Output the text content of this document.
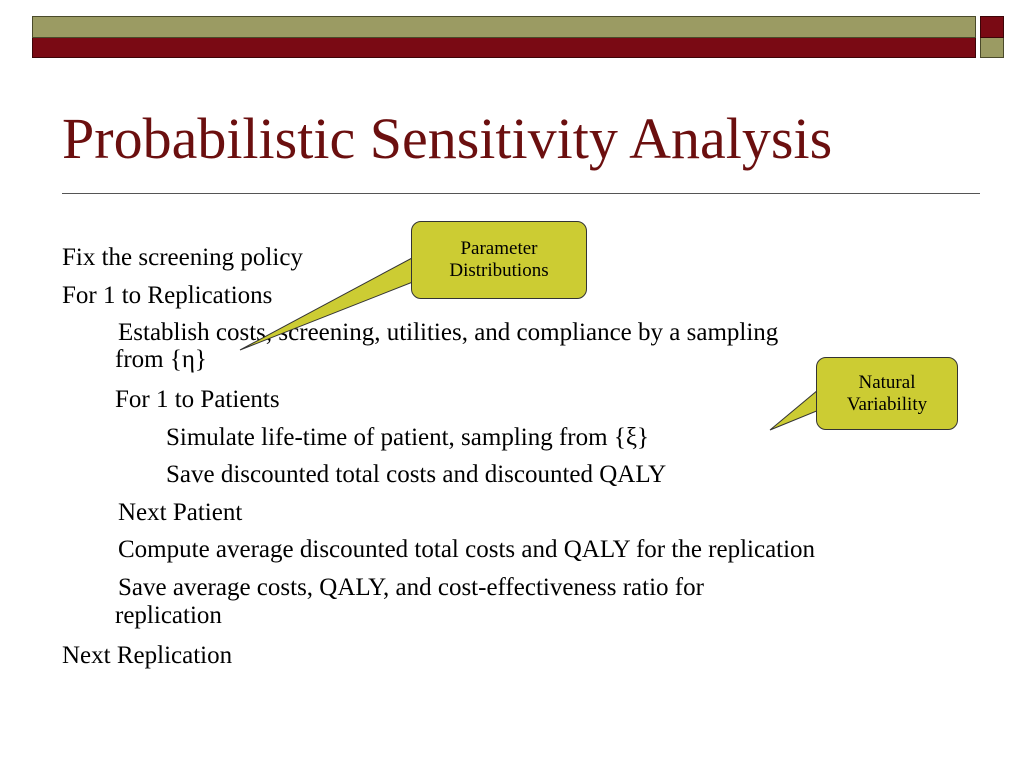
Probabilistic Sensitivity Analysis

Fix the screening policy

For 1 to Replications

Establish costs, screening, utilities, and compliance by a sampling

from {η}

For 1 to Patients

Simulate life-time of patient, sampling from {ξ}

Save discounted total costs and discounted QALY

Next Patient

Compute average discounted total costs and QALY for the replication

Save average costs, QALY, and cost-effectiveness ratio for

replication

Next Replication

Parameter
Distributions
Natural
Variability
